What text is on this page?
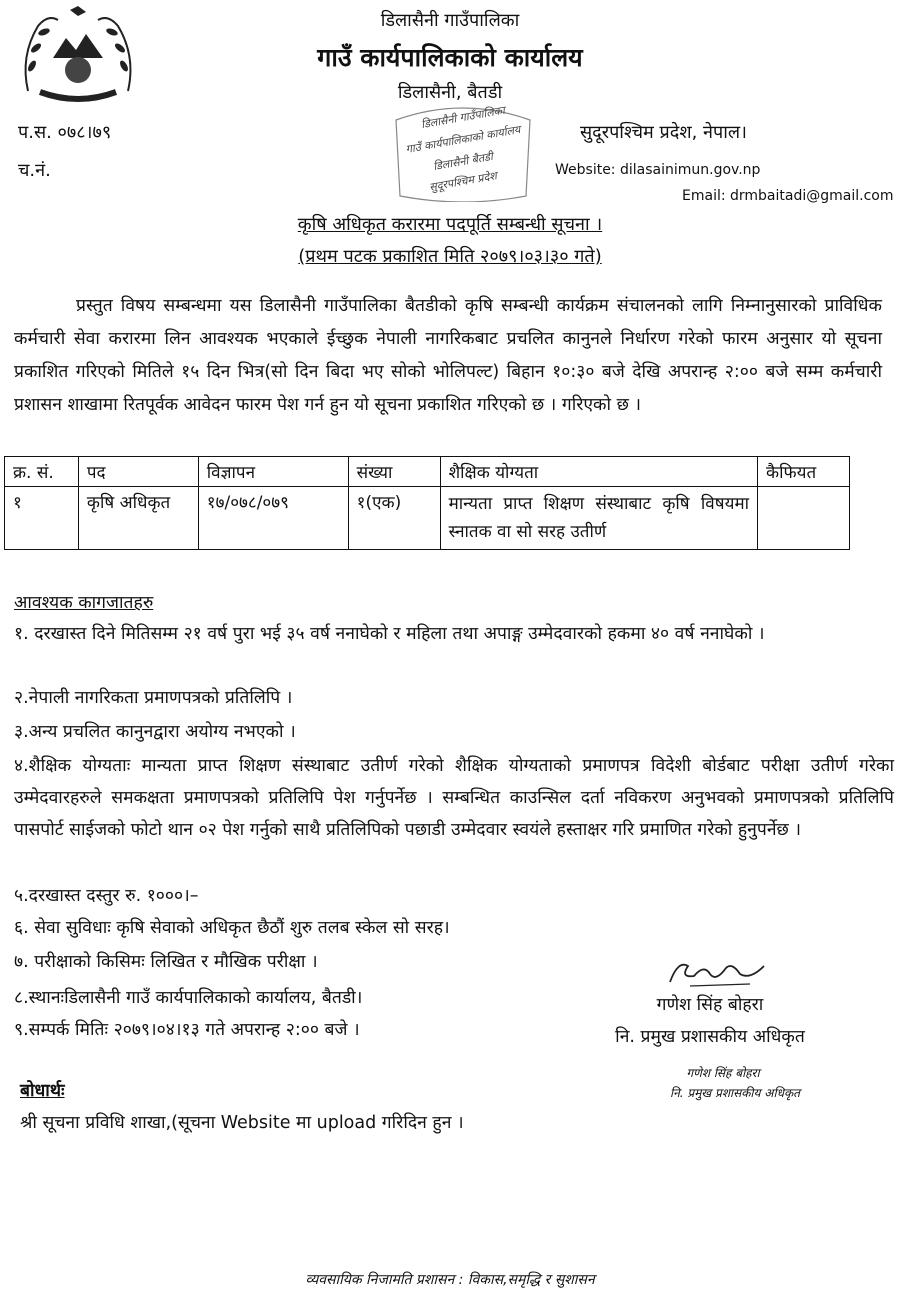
डिलासैनी गाउँपालिका
गाउँ कार्यपालिकाको कार्यालय
डिलासैनी, बैतडी
प.स. ०७८।७९
च.नं.
डिलासैनी गाउँपालिका
गाउँ कार्यपालिकाको कार्यालय
डिलासैनी बैतडी
सुदूरपश्चिम प्रदेश
सुदूरपश्चिम प्रदेश, नेपाल।
Website: dilasainimun.gov.np
Email: drmbaitadi@gmail.com
कृषि अधिकृत करारमा पदपूर्ति सम्बन्धी सूचना ।
(प्रथम पटक प्रकाशित मिति २०७९।०३।३० गते)
प्रस्तुत विषय सम्बन्धमा यस डिलासैनी गाउँपालिका बैतडीको कृषि सम्बन्धी कार्यक्रम संचालनको लागि निम्नानुसारको प्राविधिक कर्मचारी सेवा करारमा लिन आवश्यक भएकाले ईच्छुक नेपाली नागरिकबाट प्रचलित कानुनले निर्धारण गरेको फारम अनुसार यो सूचना प्रकाशित गरिएको मितिले १५ दिन भित्र(सो दिन बिदा भए सोको भोलिपल्ट) बिहान १०:३० बजे देखि अपरान्ह २:०० बजे सम्म कर्मचारी प्रशासन शाखामा रितपूर्वक आवेदन फारम पेश गर्न हुन यो सूचना प्रकाशित गरिएको छ । गरिएको छ ।
क्र. सं.	पद	विज्ञापन	संख्या	शैक्षिक योग्यता	कैफियत
१	कृषि अधिकृत	१७/०७८/०७९	१(एक)	मान्यता प्राप्त शिक्षण संस्थाबाट कृषि विषयमा स्नातक वा सो सरह उतीर्ण	
आवश्यक कागजातहरु
१. दरखास्त दिने मितिसम्म २१ वर्ष पुरा भई ३५ वर्ष ननाघेको र महिला तथा अपाङ्ग उम्मेदवारको हकमा ४० वर्ष ननाघेको ।
२.नेपाली नागरिकता प्रमाणपत्रको प्रतिलिपि ।
३.अन्य प्रचलित कानुनद्वारा अयोग्य नभएको ।
४.शैक्षिक योग्यताः मान्यता प्राप्त शिक्षण संस्थाबाट उतीर्ण गरेको शैक्षिक योग्यताको प्रमाणपत्र विदेशी बोर्डबाट परीक्षा उतीर्ण गरेका उम्मेदवारहरुले समकक्षता प्रमाणपत्रको प्रतिलिपि पेश गर्नुपर्नेछ । सम्बन्धित काउन्सिल दर्ता नविकरण अनुभवको प्रमाणपत्रको प्रतिलिपि पासपोर्ट साईजको फोटो थान ०२ पेश गर्नुको साथै प्रतिलिपिको पछाडी उम्मेदवार स्वयंले हस्ताक्षर गरि प्रमाणित गरेको हुनुपर्नेछ ।
५.दरखास्त दस्तुर रु. १०००।–
६. सेवा सुविधाः कृषि सेवाको अधिकृत छैठौं शुरु तलब स्केल सो सरह।
७. परीक्षाको किसिमः लिखित र मौखिक परीक्षा ।
८.स्थानःडिलासैनी गाउँ कार्यपालिकाको कार्यालय, बैतडी।
९.सम्पर्क मितिः २०७९।०४।१३ गते अपरान्ह २:०० बजे ।
गणेश सिंह बोहरा
नि. प्रमुख प्रशासकीय अधिकृत
गणेश सिंह बोहरा
नि. प्रमुख प्रशासकीय अधिकृत
बोधार्थः
श्री सूचना प्रविधि शाखा,(सूचना Website मा upload गरिदिन हुन ।
व्यवसायिक निजामति प्रशासन : विकास,समृद्धि र सुशासन
